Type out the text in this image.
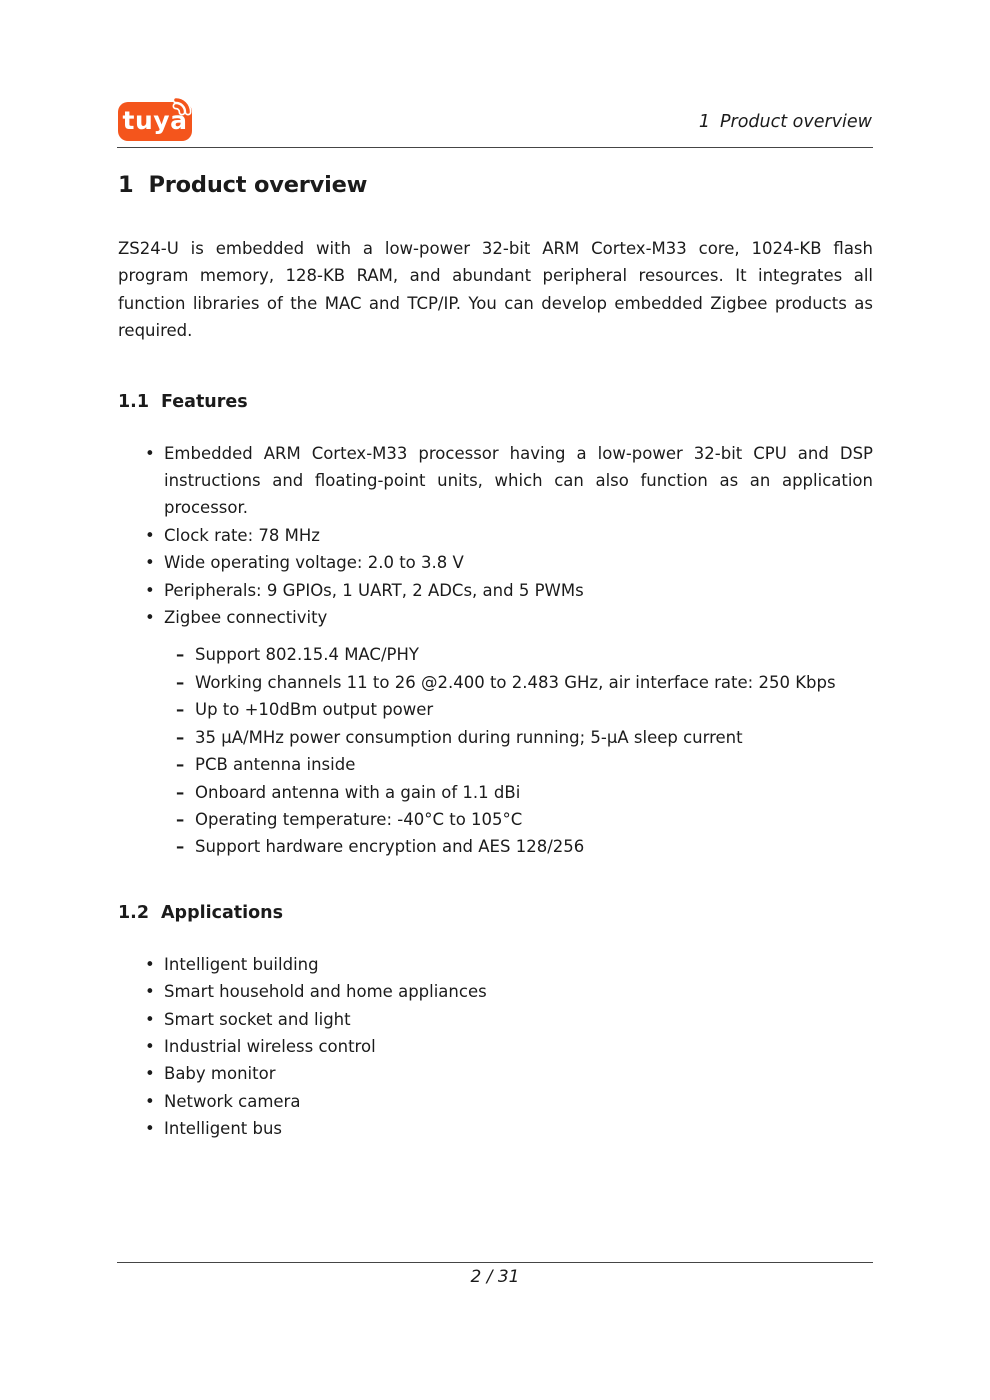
tuya	1 Product overview
1 Product overview

ZS24-U is embedded with a low-power 32-bit ARM Cortex-M33 core, 1024-KB flash program memory, 128-KB RAM, and abundant peripheral resources. It integrates all function libraries of the MAC and TCP/IP. You can develop embedded Zigbee products as required.

1.1 Features
• Embedded ARM Cortex-M33 processor having a low-power 32-bit CPU and DSP instructions and floating-point units, which can also function as an application processor.
• Clock rate: 78 MHz
• Wide operating voltage: 2.0 to 3.8 V
• Peripherals: 9 GPIOs, 1 UART, 2 ADCs, and 5 PWMs
• Zigbee connectivity
– Support 802.15.4 MAC/PHY
– Working channels 11 to 26 @2.400 to 2.483 GHz, air interface rate: 250 Kbps
– Up to +10dBm output power
– 35 μA/MHz power consumption during running; 5-μA sleep current
– PCB antenna inside
– Onboard antenna with a gain of 1.1 dBi
– Operating temperature: -40°C to 105°C
– Support hardware encryption and AES 128/256
1.2 Applications
• Intelligent building
• Smart household and home appliances
• Smart socket and light
• Industrial wireless control
• Baby monitor
• Network camera
• Intelligent bus
2 / 31
